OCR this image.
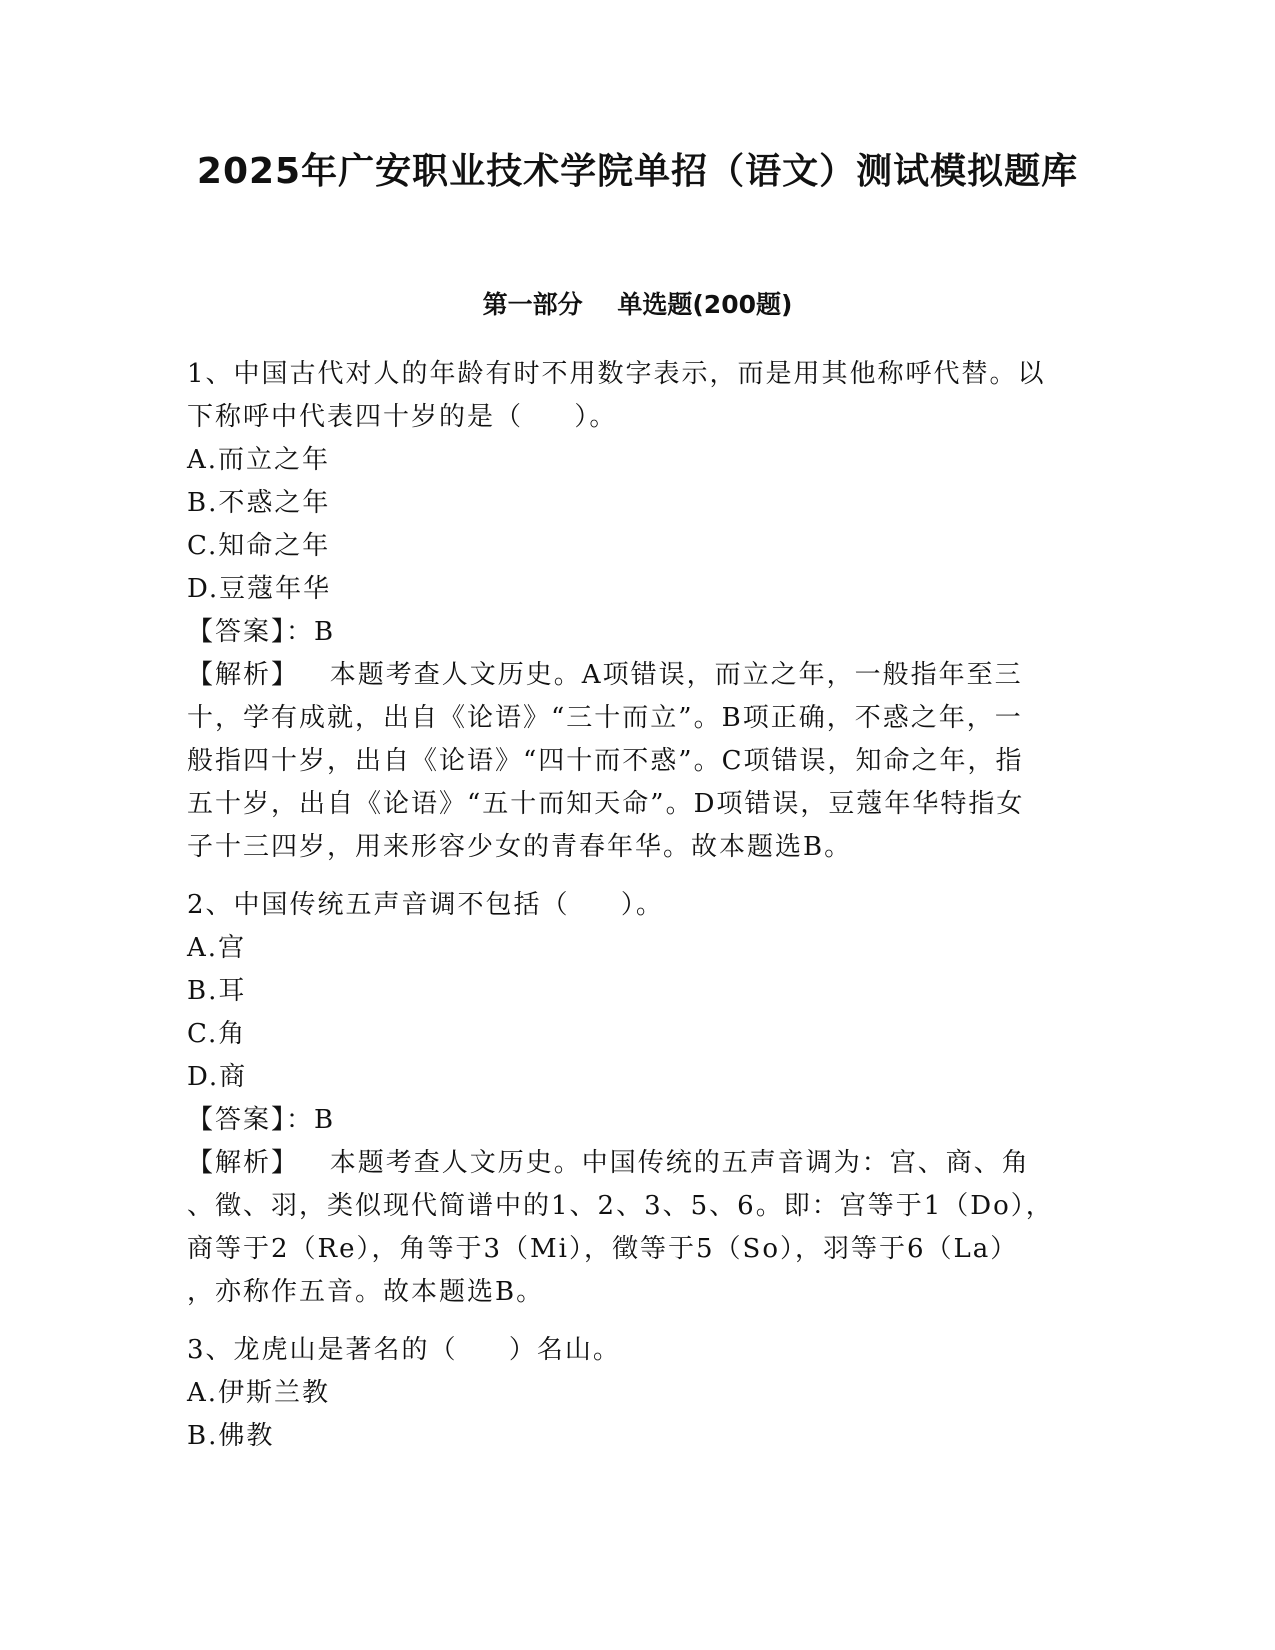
2025年广安职业技术学院单招（语文）测试模拟题库
第一部分    单选题(200题)
1、中国古代对人的年龄有时不用数字表示，而是用其他称呼代替。以
下称呼中代表四十岁的是（     ）。
A.而立之年
B.不惑之年
C.知命之年
D.豆蔻年华
【答案】：B
【解析】   本题考查人文历史。A项错误，而立之年，一般指年至三
十，学有成就，出自《论语》“三十而立”。B项正确，不惑之年，一
般指四十岁，出自《论语》“四十而不惑”。C项错误，知命之年，指
五十岁，出自《论语》“五十而知天命”。D项错误，豆蔻年华特指女
子十三四岁，用来形容少女的青春年华。故本题选B。
2、中国传统五声音调不包括（     ）。
A.宫
B.耳
C.角
D.商
【答案】：B
【解析】   本题考查人文历史。中国传统的五声音调为：宫、商、角
、徵、羽，类似现代简谱中的1、2、3、5、6。即：宫等于1（Do），
商等于2（Re），角等于3（Mi），徵等于5（So），羽等于6（La）
，亦称作五音。故本题选B。
3、龙虎山是著名的（     ）名山。
A.伊斯兰教
B.佛教
